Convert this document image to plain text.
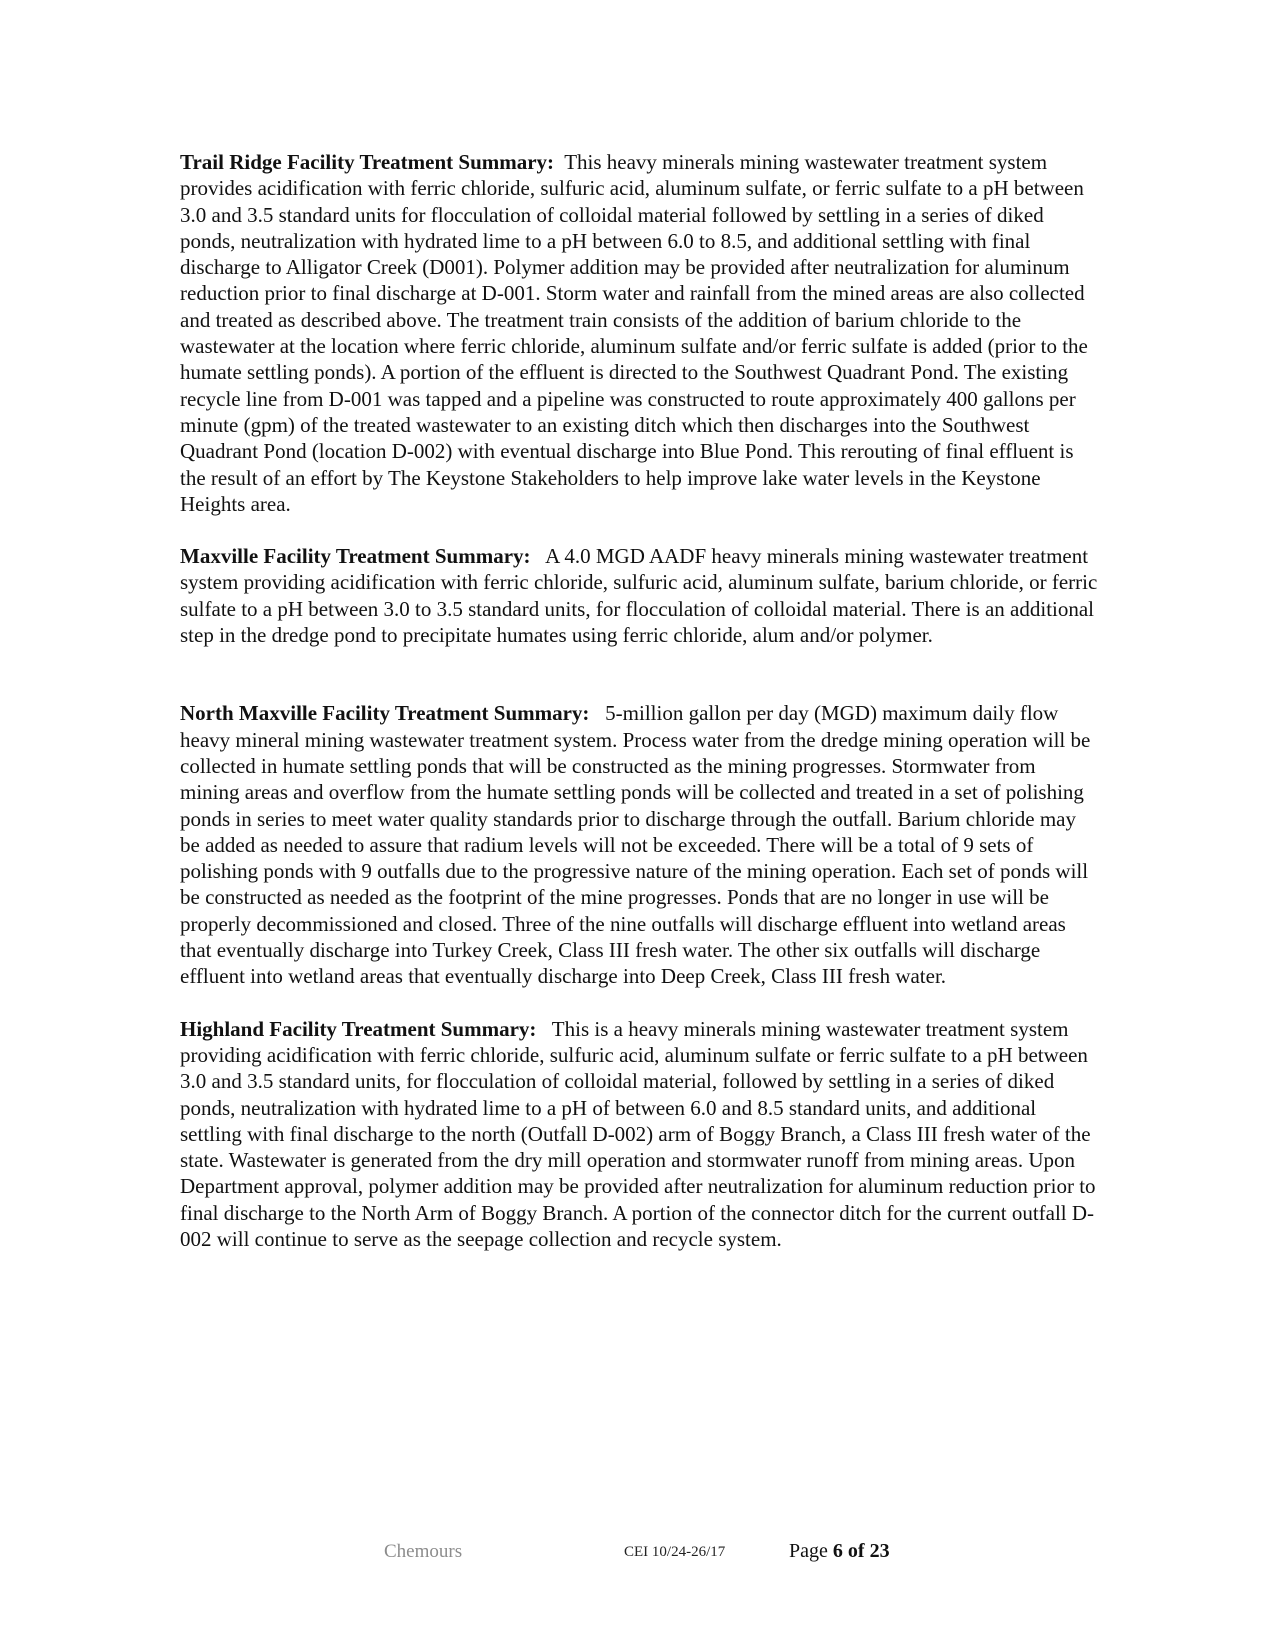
Trail Ridge Facility Treatment Summary: This heavy minerals mining wastewater treatment system provides acidification with ferric chloride, sulfuric acid, aluminum sulfate, or ferric sulfate to a pH between 3.0 and 3.5 standard units for flocculation of colloidal material followed by settling in a series of diked ponds, neutralization with hydrated lime to a pH between 6.0 to 8.5, and additional settling with final discharge to Alligator Creek (D001). Polymer addition may be provided after neutralization for aluminum reduction prior to final discharge at D-001. Storm water and rainfall from the mined areas are also collected and treated as described above. The treatment train consists of the addition of barium chloride to the wastewater at the location where ferric chloride, aluminum sulfate and/or ferric sulfate is added (prior to the humate settling ponds). A portion of the effluent is directed to the Southwest Quadrant Pond. The existing recycle line from D-001 was tapped and a pipeline was constructed to route approximately 400 gallons per minute (gpm) of the treated wastewater to an existing ditch which then discharges into the Southwest Quadrant Pond (location D-002) with eventual discharge into Blue Pond. This rerouting of final effluent is the result of an effort by The Keystone Stakeholders to help improve lake water levels in the Keystone Heights area.

Maxville Facility Treatment Summary: A 4.0 MGD AADF heavy minerals mining wastewater treatment system providing acidification with ferric chloride, sulfuric acid, aluminum sulfate, barium chloride, or ferric sulfate to a pH between 3.0 to 3.5 standard units, for flocculation of colloidal material. There is an additional step in the dredge pond to precipitate humates using ferric chloride, alum and/or polymer.

North Maxville Facility Treatment Summary: 5-million gallon per day (MGD) maximum daily flow heavy mineral mining wastewater treatment system. Process water from the dredge mining operation will be collected in humate settling ponds that will be constructed as the mining progresses. Stormwater from mining areas and overflow from the humate settling ponds will be collected and treated in a set of polishing ponds in series to meet water quality standards prior to discharge through the outfall. Barium chloride may be added as needed to assure that radium levels will not be exceeded. There will be a total of 9 sets of polishing ponds with 9 outfalls due to the progressive nature of the mining operation. Each set of ponds will be constructed as needed as the footprint of the mine progresses. Ponds that are no longer in use will be properly decommissioned and closed. Three of the nine outfalls will discharge effluent into wetland areas that eventually discharge into Turkey Creek, Class III fresh water. The other six outfalls will discharge effluent into wetland areas that eventually discharge into Deep Creek, Class III fresh water.

Highland Facility Treatment Summary: This is a heavy minerals mining wastewater treatment system providing acidification with ferric chloride, sulfuric acid, aluminum sulfate or ferric sulfate to a pH between 3.0 and 3.5 standard units, for flocculation of colloidal material, followed by settling in a series of diked ponds, neutralization with hydrated lime to a pH of between 6.0 and 8.5 standard units, and additional settling with final discharge to the north (Outfall D-002) arm of Boggy Branch, a Class III fresh water of the state. Wastewater is generated from the dry mill operation and stormwater runoff from mining areas. Upon Department approval, polymer addition may be provided after neutralization for aluminum reduction prior to final discharge to the North Arm of Boggy Branch. A portion of the connector ditch for the current outfall D-002 will continue to serve as the seepage collection and recycle system.

Chemours	CEI 10/24-26/17	Page 6 of 23
